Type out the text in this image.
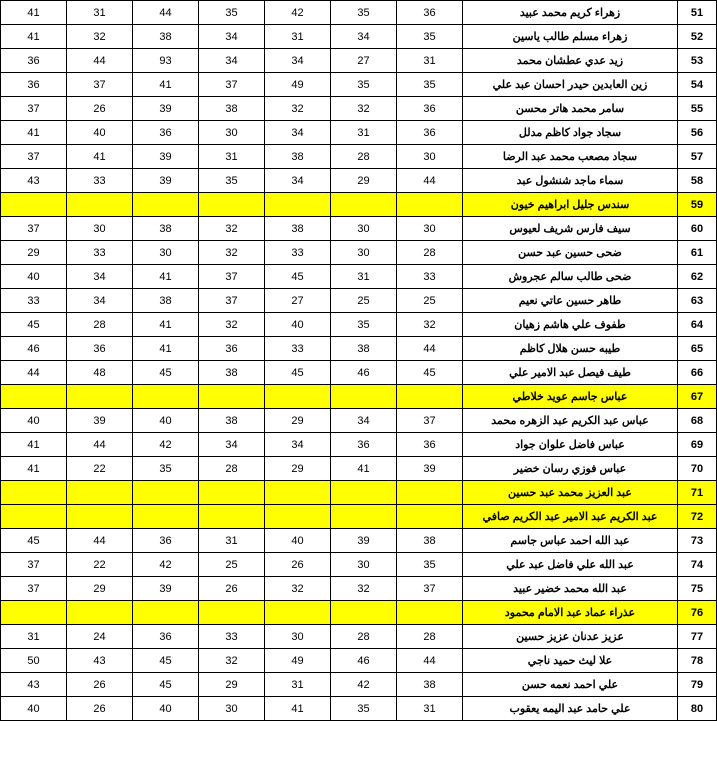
51	زهراء كريم محمد عبيد	36	35	42	35	44	31	41
52	زهراء مسلم طالب ياسين	35	34	31	34	38	32	41
53	زيد عدي عطشان محمد	31	27	34	34	93	44	36
54	زين العابدين حيدر احسان عبد علي	35	35	49	37	41	37	36
55	سامر محمد هاتر محسن	36	32	32	38	39	26	37
56	سجاد جواد كاظم مدلل	36	31	34	30	36	40	41
57	سجاد مصعب محمد عبد الرضا	30	28	38	31	39	41	37
58	سماء ماجد شنشول عبد	44	29	34	35	39	33	43
59	سندس جليل ابراهيم خيون							
60	سيف فارس شريف لعيوس	30	30	38	32	38	30	37
61	ضحى حسين عبد حسن	28	30	33	32	30	33	29
62	ضحى طالب سالم عجروش	33	31	45	37	41	34	40
63	طاهر حسين عاتي نعيم	25	25	27	37	38	34	33
64	طفوف علي هاشم زهيان	32	35	40	32	41	28	45
65	طيبه حسن هلال كاظم	44	38	33	36	41	36	46
66	طيف فيصل عبد الامير علي	45	46	45	38	45	48	44
67	عباس جاسم عويد خلاطي							
68	عباس عبد الكريم عبد الزهره محمد	37	34	29	38	40	39	40
69	عباس فاضل علوان جواد	36	36	34	34	42	44	41
70	عباس فوزي رسان خضير	39	41	29	28	35	22	41
71	عبد العزيز محمد عبد حسين							
72	عبد الكريم عبد الامير عبد الكريم صافي							
73	عبد الله احمد عباس جاسم	38	39	40	31	36	44	45
74	عبد الله علي فاضل عبد علي	35	30	26	25	42	22	37
75	عبد الله محمد خضير عبيد	37	32	32	26	39	29	37
76	عذراء عماد عبد الامام محمود							
77	عزيز عدنان عزيز حسين	28	28	30	33	36	24	31
78	علا ليث حميد ناجي	44	46	49	32	45	43	50
79	علي احمد نعمه حسن	38	42	31	29	45	26	43
80	علي حامد عبد اليمه يعقوب	31	35	41	30	40	26	40
